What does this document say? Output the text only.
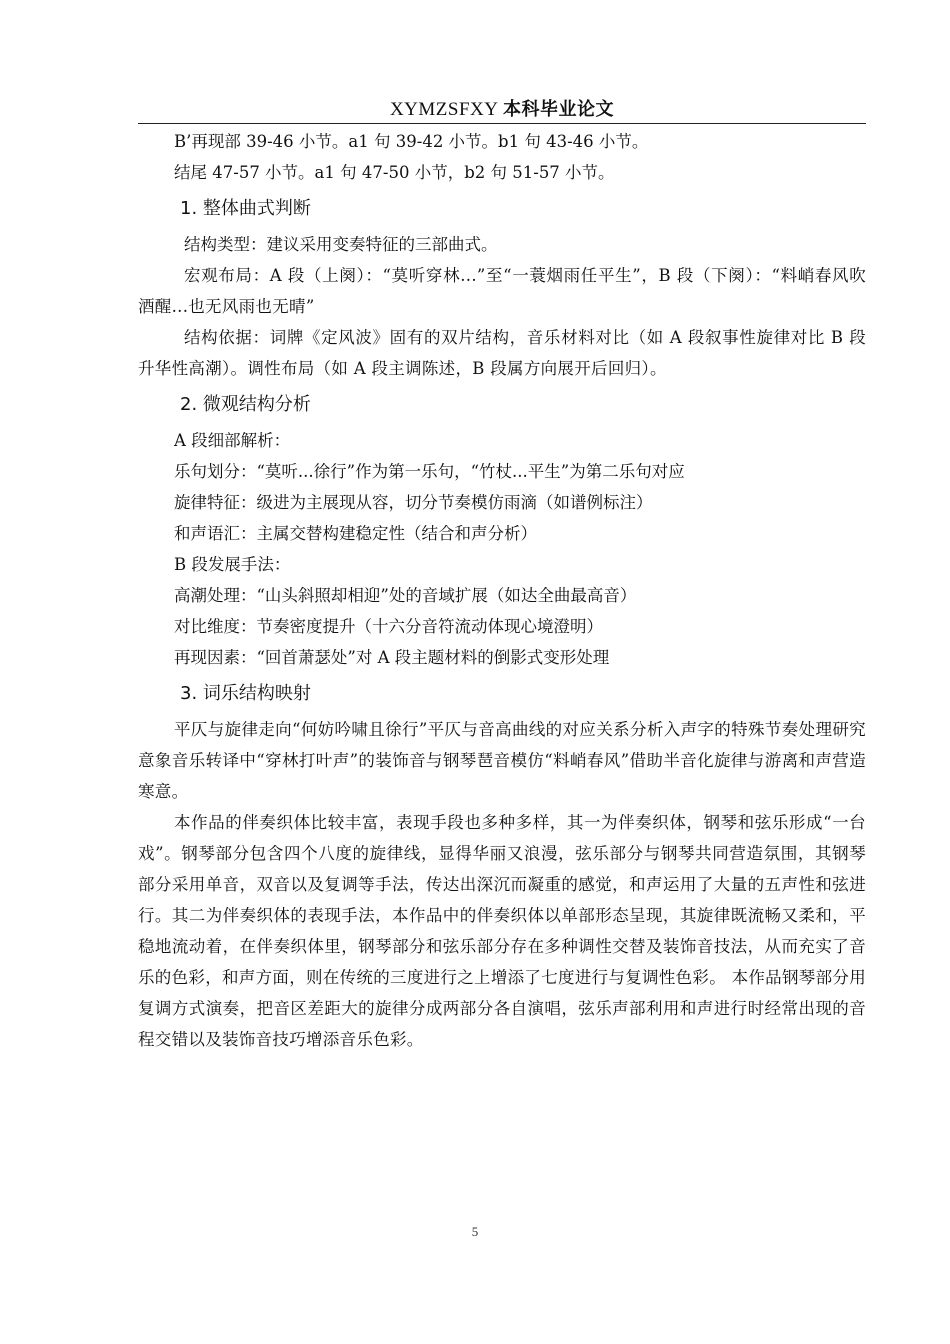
XYMZSFXY 本科毕业论文
B’再现部 39-46 小节。a1 句 39-42 小节。b1 句 43-46 小节。
结尾 47-57 小节。a1 句 47-50 小节，b2 句 51-57 小节。
1. 整体曲式判断
结构类型：建议采用变奏特征的三部曲式。
宏观布局：A 段（上阕）：“莫听穿林...”至“一蓑烟雨任平生”，B 段（下阕）：“料峭春风吹酒醒...也无风雨也无晴”
结构依据：词牌《定风波》固有的双片结构，音乐材料对比（如 A 段叙事性旋律对比 B 段升华性高潮）。调性布局（如 A 段主调陈述，B 段属方向展开后回归）。
2. 微观结构分析
A 段细部解析：
乐句划分：“莫听...徐行”作为第一乐句，“竹杖...平生”为第二乐句对应
旋律特征：级进为主展现从容，切分节奏模仿雨滴（如谱例标注）
和声语汇：主属交替构建稳定性（结合和声分析）
B 段发展手法：
高潮处理：“山头斜照却相迎”处的音域扩展（如达全曲最高音）
对比维度：节奏密度提升（十六分音符流动体现心境澄明）
再现因素：“回首萧瑟处”对 A 段主题材料的倒影式变形处理
3. 词乐结构映射
平仄与旋律走向“何妨吟啸且徐行”平仄与音高曲线的对应关系分析入声字的特殊节奏处理研究意象音乐转译中“穿林打叶声”的装饰音与钢琴琶音模仿“料峭春风”借助半音化旋律与游离和声营造寒意。
本作品的伴奏织体比较丰富，表现手段也多种多样，其一为伴奏织体，钢琴和弦乐形成“一台戏”。钢琴部分包含四个八度的旋律线，显得华丽又浪漫，弦乐部分与钢琴共同营造氛围，其钢琴部分采用单音，双音以及复调等手法，传达出深沉而凝重的感觉，和声运用了大量的五声性和弦进行。其二为伴奏织体的表现手法，本作品中的伴奏织体以单部形态呈现，其旋律既流畅又柔和，平稳地流动着，在伴奏织体里，钢琴部分和弦乐部分存在多种调性交替及装饰音技法，从而充实了音乐的色彩，和声方面，则在传统的三度进行之上增添了七度进行与复调性色彩。 本作品钢琴部分用复调方式演奏，把音区差距大的旋律分成两部分各自演唱，弦乐声部利用和声进行时经常出现的音程交错以及装饰音技巧增添音乐色彩。
5
